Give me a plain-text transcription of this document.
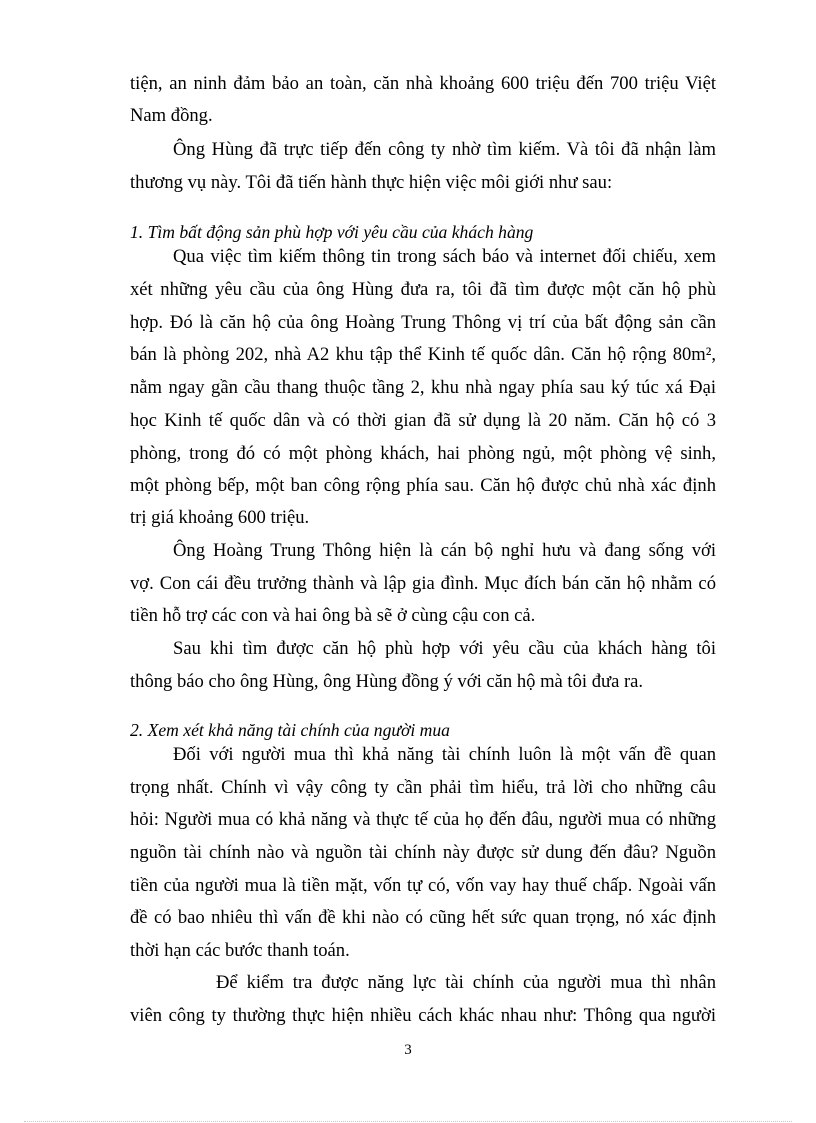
tiện, an ninh đảm bảo an toàn, căn nhà khoảng 600 triệu đến 700 triệu Việt
Nam đồng.
Ông Hùng đã trực tiếp đến công ty nhờ tìm kiếm. Và tôi đã nhận làm
thương vụ này. Tôi đã tiến hành thực hiện việc môi giới như sau:
1. Tìm bất động sản phù hợp với yêu cầu của khách hàng
Qua việc tìm kiếm thông tin trong sách báo và internet đối chiếu, xem
xét những yêu cầu của ông Hùng đưa ra, tôi đã tìm được một căn hộ phù
hợp. Đó là căn hộ của ông Hoàng Trung Thông vị trí của bất động sản cần
bán là phòng 202, nhà A2 khu tập thể Kinh tế quốc dân. Căn hộ rộng 80m²,
nằm ngay gần cầu thang thuộc tầng 2, khu nhà ngay phía sau ký túc xá Đại
học Kinh tế quốc dân và có thời gian đã sử dụng là 20 năm. Căn hộ có 3
phòng, trong đó có một phòng khách, hai phòng ngủ, một phòng vệ sinh,
một phòng bếp, một ban công rộng phía sau. Căn hộ được chủ nhà xác định
trị giá khoảng 600 triệu.
Ông Hoàng Trung Thông hiện là cán bộ nghỉ hưu và đang sống với
vợ. Con cái đều trưởng thành và lập gia đình. Mục đích bán căn hộ nhằm có
tiền hỗ trợ các con và hai ông bà sẽ ở cùng cậu con cả.
Sau khi tìm được căn hộ phù hợp với yêu cầu của khách hàng tôi
thông báo cho ông Hùng, ông Hùng đồng ý với căn hộ mà tôi đưa ra.
2. Xem xét khả năng tài chính của người mua
Đối với người mua thì khả năng tài chính luôn là một vấn đề quan
trọng nhất. Chính vì vậy công ty cần phải tìm hiểu, trả lời cho những câu
hỏi: Người mua có khả năng và thực tế của họ đến đâu, người mua có những
nguồn tài chính nào và nguồn tài chính này được sử dung đến đâu? Nguồn
tiền của người mua là tiền mặt, vốn tự có, vốn vay hay thuế chấp. Ngoài vấn
đề có bao nhiêu thì vấn đề khi nào có cũng hết sức quan trọng, nó xác định
thời hạn các bước thanh toán.
Để kiểm tra được năng lực tài chính của người mua thì nhân
viên công ty thường thực hiện nhiều cách khác nhau như: Thông qua người
3
